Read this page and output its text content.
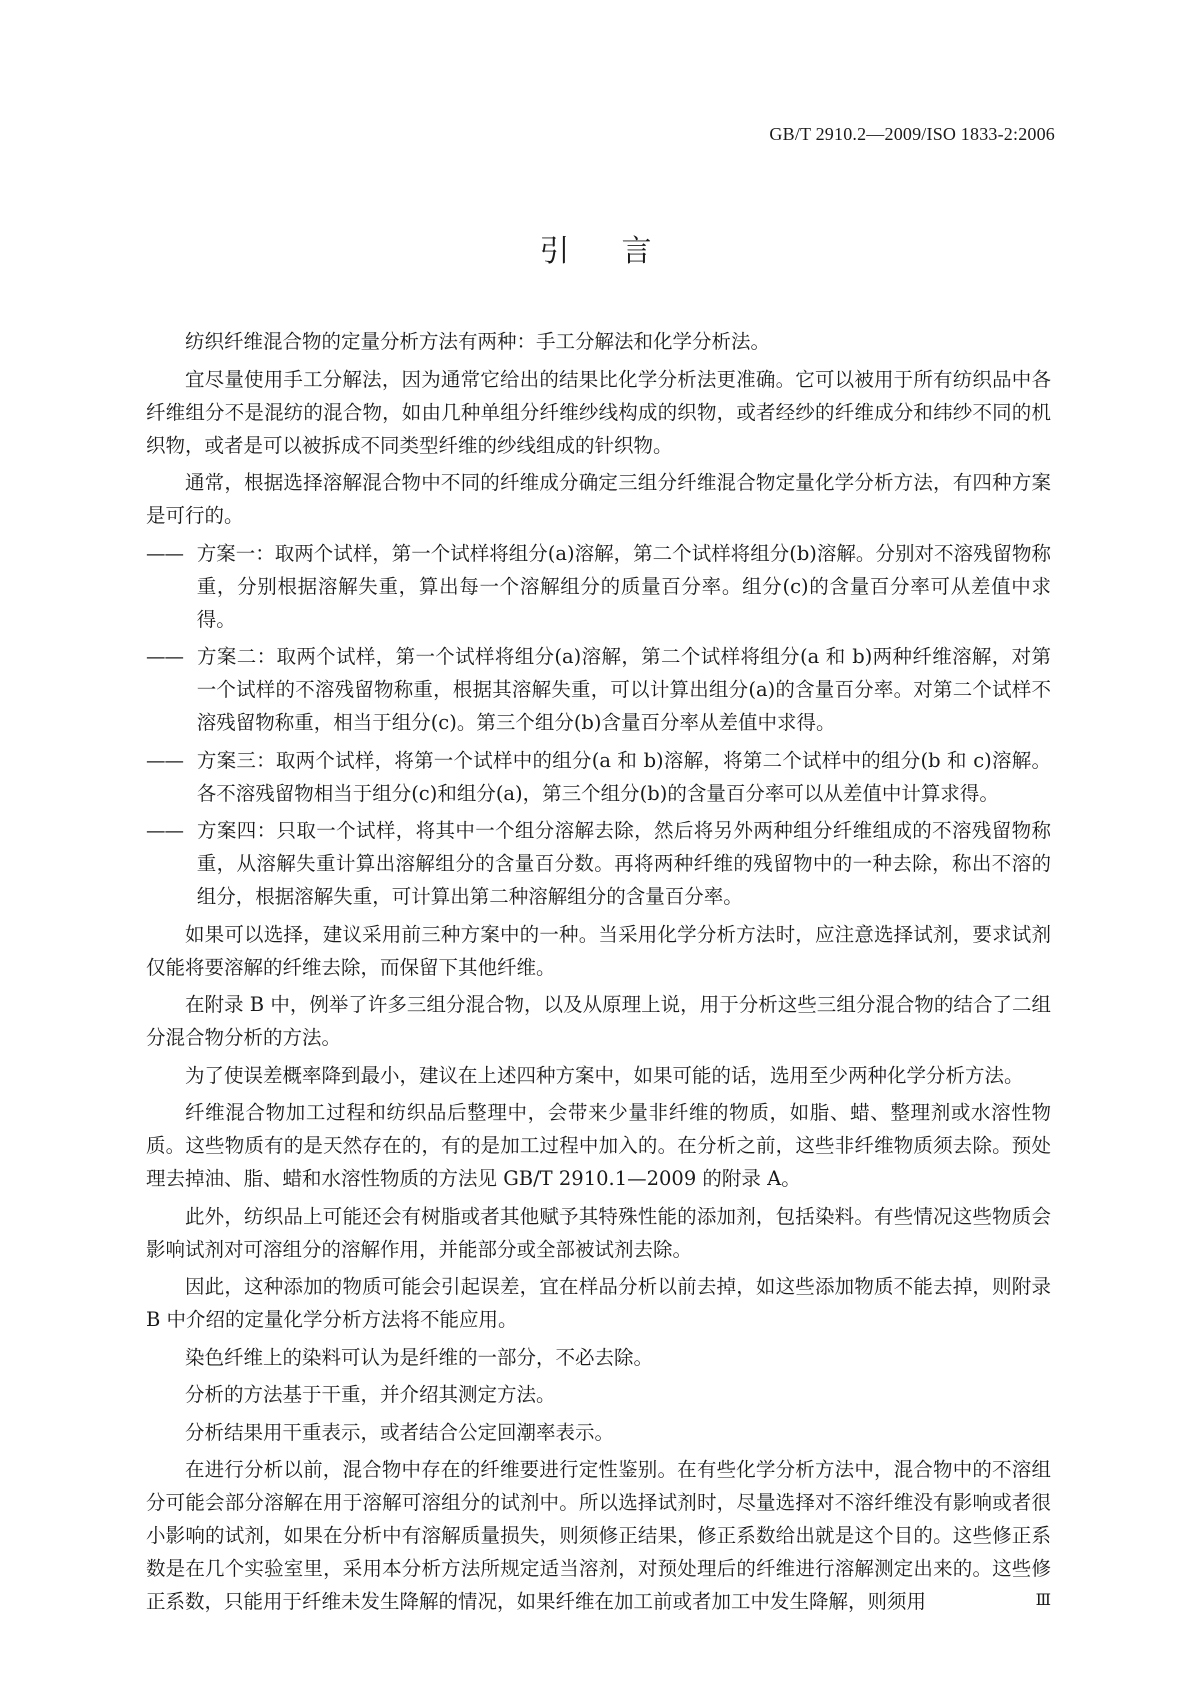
GB/T 2910.2—2009/ISO 1833-2:2006
引言

纺织纤维混合物的定量分析方法有两种：手工分解法和化学分析法。

宜尽量使用手工分解法，因为通常它给出的结果比化学分析法更准确。它可以被用于所有纺织品中各纤维组分不是混纺的混合物，如由几种单组分纤维纱线构成的织物，或者经纱的纤维成分和纬纱不同的机织物，或者是可以被拆成不同类型纤维的纱线组成的针织物。

通常，根据选择溶解混合物中不同的纤维成分确定三组分纤维混合物定量化学分析方法，有四种方案是可行的。

—— 方案一：取两个试样，第一个试样将组分(a)溶解，第二个试样将组分(b)溶解。分别对不溶残留物称重，分别根据溶解失重，算出每一个溶解组分的质量百分率。组分(c)的含量百分率可从差值中求得。

—— 方案二：取两个试样，第一个试样将组分(a)溶解，第二个试样将组分(a 和 b)两种纤维溶解，对第一个试样的不溶残留物称重，根据其溶解失重，可以计算出组分(a)的含量百分率。对第二个试样不溶残留物称重，相当于组分(c)。第三个组分(b)含量百分率从差值中求得。

—— 方案三：取两个试样，将第一个试样中的组分(a 和 b)溶解，将第二个试样中的组分(b 和 c)溶解。各不溶残留物相当于组分(c)和组分(a)，第三个组分(b)的含量百分率可以从差值中计算求得。

—— 方案四：只取一个试样，将其中一个组分溶解去除，然后将另外两种组分纤维组成的不溶残留物称重，从溶解失重计算出溶解组分的含量百分数。再将两种纤维的残留物中的一种去除，称出不溶的组分，根据溶解失重，可计算出第二种溶解组分的含量百分率。

如果可以选择，建议采用前三种方案中的一种。当采用化学分析方法时，应注意选择试剂，要求试剂仅能将要溶解的纤维去除，而保留下其他纤维。

在附录 B 中，例举了许多三组分混合物，以及从原理上说，用于分析这些三组分混合物的结合了二组分混合物分析的方法。

为了使误差概率降到最小，建议在上述四种方案中，如果可能的话，选用至少两种化学分析方法。

纤维混合物加工过程和纺织品后整理中，会带来少量非纤维的物质，如脂、蜡、整理剂或水溶性物质。这些物质有的是天然存在的，有的是加工过程中加入的。在分析之前，这些非纤维物质须去除。预处理去掉油、脂、蜡和水溶性物质的方法见 GB/T 2910.1—2009 的附录 A。

此外，纺织品上可能还会有树脂或者其他赋予其特殊性能的添加剂，包括染料。有些情况这些物质会影响试剂对可溶组分的溶解作用，并能部分或全部被试剂去除。

因此，这种添加的物质可能会引起误差，宜在样品分析以前去掉，如这些添加物质不能去掉，则附录 B 中介绍的定量化学分析方法将不能应用。

染色纤维上的染料可认为是纤维的一部分，不必去除。

分析的方法基于干重，并介绍其测定方法。

分析结果用干重表示，或者结合公定回潮率表示。

在进行分析以前，混合物中存在的纤维要进行定性鉴别。在有些化学分析方法中，混合物中的不溶组分可能会部分溶解在用于溶解可溶组分的试剂中。所以选择试剂时，尽量选择对不溶纤维没有影响或者很小影响的试剂，如果在分析中有溶解质量损失，则须修正结果，修正系数给出就是这个目的。这些修正系数是在几个实验室里，采用本分析方法所规定适当溶剂，对预处理后的纤维进行溶解测定出来的。这些修正系数，只能用于纤维未发生降解的情况，如果纤维在加工前或者加工中发生降解，则须用	Ⅲ
